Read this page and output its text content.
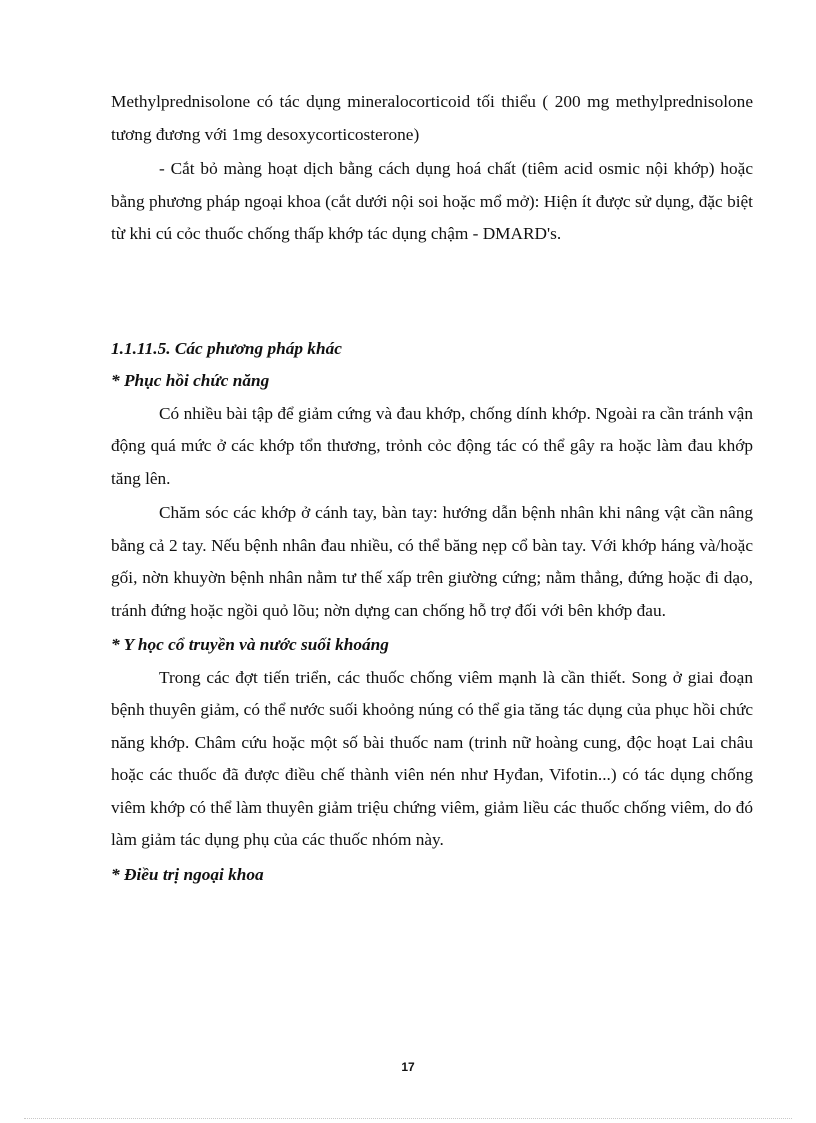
Methylprednisolone có tác dụng mineralocorticoid tối thiểu ( 200 mg methylprednisolone tương đương với 1mg desoxycorticosterone)

- Cắt bỏ màng hoạt dịch bằng cách dụng hoá chất (tiêm acid osmic nội khớp) hoặc bằng phương pháp ngoại khoa (cắt dưới nội soi hoặc mổ mở): Hiện ít được sử dụng, đặc biệt từ khi cú cỏc thuốc chống thấp khớp tác dụng chậm - DMARD's.

1.1.11.5. Các phương pháp khác

* Phục hồi chức năng

Có nhiều bài tập để giảm cứng và đau khớp, chống dính khớp. Ngoài ra cần tránh vận động quá mức ở các khớp tổn thương, trỏnh cỏc động tác có thể gây ra hoặc làm đau khớp tăng lên.

Chăm sóc các khớp ở cánh tay, bàn tay: hướng dẫn bệnh nhân khi nâng vật cần nâng bằng cả 2 tay. Nếu bệnh nhân đau nhiều, có thể băng nẹp cổ bàn tay. Với khớp háng và/hoặc gối, nờn khuyờn bệnh nhân nằm tư thế xấp trên giường cứng; nằm thẳng, đứng hoặc đi dạo, tránh đứng hoặc ngồi quỏ lõu; nờn dựng can chống hỗ trợ đối với bên khớp đau.

* Y học cổ truyền và nước suối khoáng

Trong các đợt tiến triển, các thuốc chống viêm mạnh là cần thiết. Song ở giai đoạn bệnh thuyên giảm, có thể nước suối khoỏng núng có thể gia tăng tác dụng của phục hồi chức năng khớp. Châm cứu hoặc một số bài thuốc nam (trinh nữ hoàng cung, độc hoạt Lai châu hoặc các thuốc đã được điều chế thành viên nén như Hyđan, Vifotin...) có tác dụng chống viêm khớp có thể làm thuyên giảm triệu chứng viêm, giảm liều các thuốc chống viêm, do đó làm giảm tác dụng phụ của các thuốc nhóm này.

* Điều trị ngoại khoa

17
